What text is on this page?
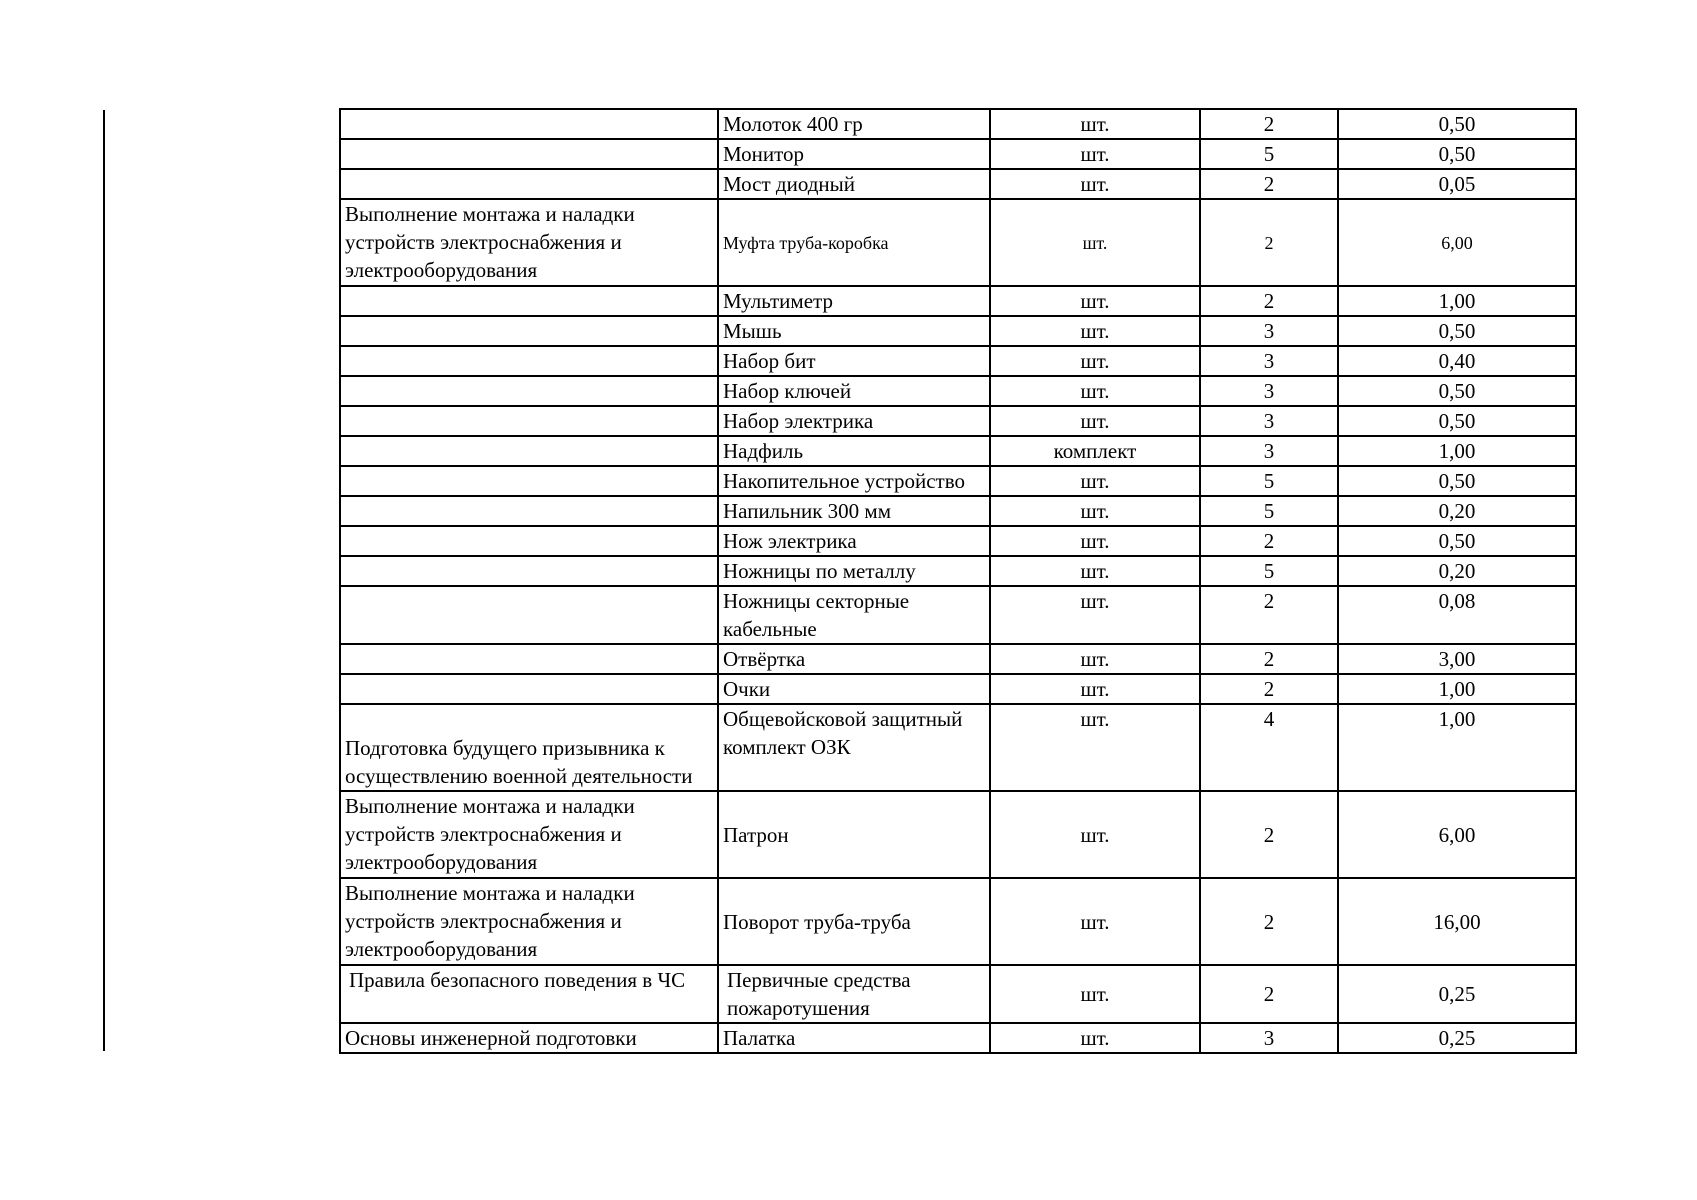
	Молоток 400 гр	шт.	2	0,50
	Монитор	шт.	5	0,50
	Мост диодный	шт.	2	0,05
Выполнение монтажа и наладки устройств электроснабжения и электрооборудования	Муфта труба-коробка	шт.	2	6,00
	Мультиметр	шт.	2	1,00
	Мышь	шт.	3	0,50
	Набор бит	шт.	3	0,40
	Набор ключей	шт.	3	0,50
	Набор электрика	шт.	3	0,50
	Надфиль	комплект	3	1,00
	Накопительное устройство	шт.	5	0,50
	Напильник 300 мм	шт.	5	0,20
	Нож электрика	шт.	2	0,50
	Ножницы по металлу	шт.	5	0,20
	Ножницы секторные кабельные	шт.	2	0,08
	Отвёртка	шт.	2	3,00
	Очки	шт.	2	1,00
Подготовка будущего призывника к осуществлению военной деятельности	Общевойсковой защитный комплект ОЗК	шт.	4	1,00
Выполнение монтажа и наладки устройств электроснабжения и электрооборудования	Патрон	шт.	2	6,00
Выполнение монтажа и наладки устройств электроснабжения и электрооборудования	Поворот труба-труба	шт.	2	16,00
Правила безопасного поведения в ЧС	Первичные средства пожаротушения	шт.	2	0,25
Основы инженерной подготовки	Палатка	шт.	3	0,25
